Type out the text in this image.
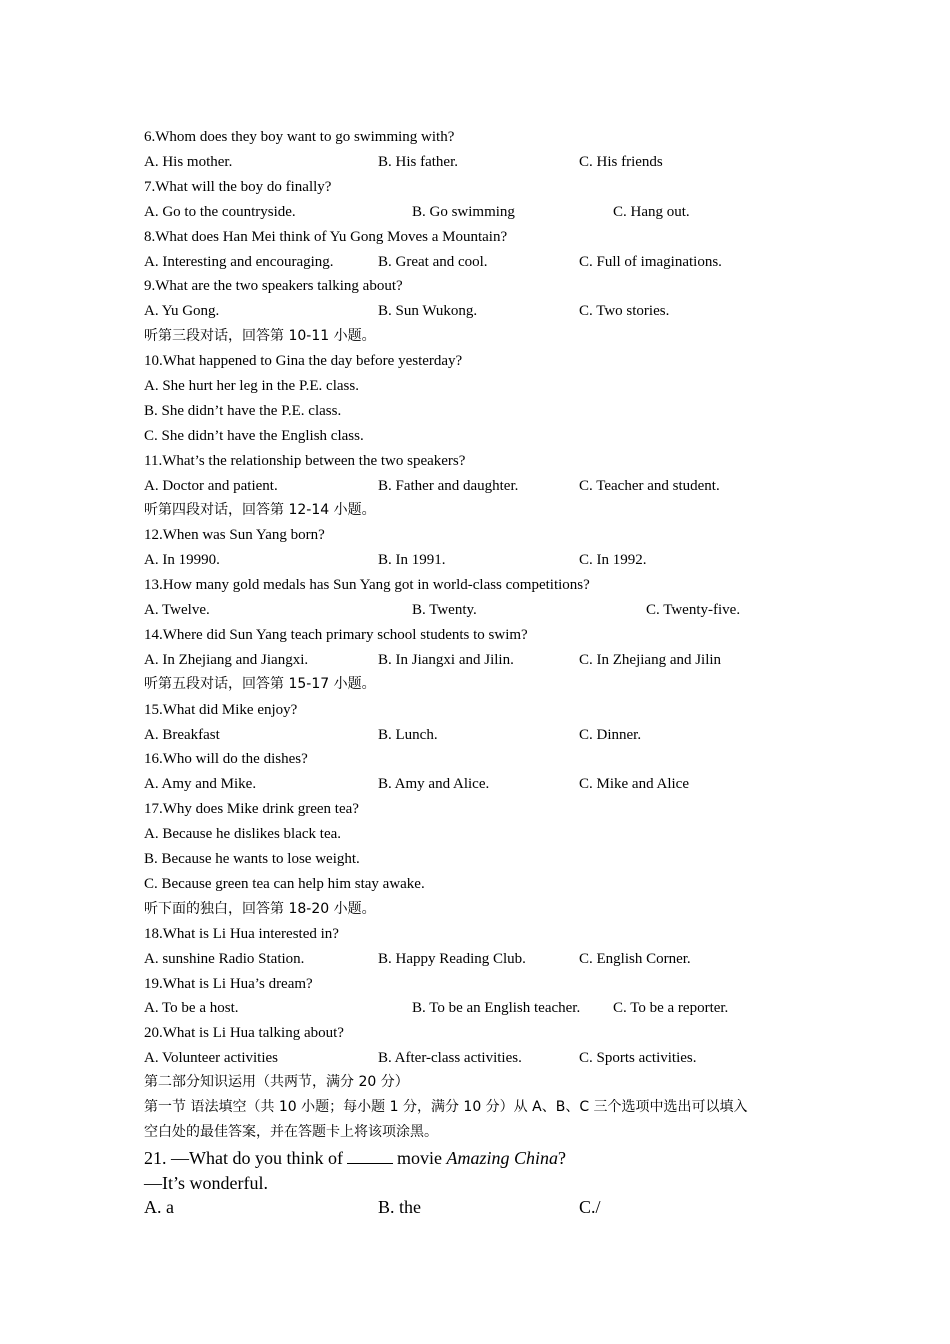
6.Whom does they boy want to go swimming with?
A. His mother.	B. His father.	C. His friends
7.What will the boy do finally?
A. Go to the countryside.	B. Go swimming	C. Hang out.
8.What does Han Mei think of Yu Gong Moves a Mountain?
A. Interesting and encouraging.	B. Great and cool.	C. Full of imaginations.
9.What are the two speakers talking about?
A. Yu Gong.	B. Sun Wukong.	C. Two stories.
听第三段对话，回答第 10-11 小题。
10.What happened to Gina the day before yesterday?
A. She hurt her leg in the P.E. class.
B. She didn’t have the P.E. class.
C. She didn’t have the English class.
11.What’s the relationship between the two speakers?
A. Doctor and patient.	B. Father and daughter.	C. Teacher and student.
听第四段对话，回答第 12-14 小题。
12.When was Sun Yang born?
A. In 19990.	B. In 1991.	C. In 1992.
13.How many gold medals has Sun Yang got in world-class competitions?
A. Twelve.	B. Twenty.	C. Twenty-five.
14.Where did Sun Yang teach primary school students to swim?
A. In Zhejiang and Jiangxi.	B. In Jiangxi and Jilin.	C. In Zhejiang and Jilin
听第五段对话，回答第 15-17 小题。
15.What did Mike enjoy?
A. Breakfast	B. Lunch.	C. Dinner.
16.Who will do the dishes?
A. Amy and Mike.	B. Amy and Alice.	C. Mike and Alice
17.Why does Mike drink green tea?
A. Because he dislikes black tea.
B. Because he wants to lose weight.
C. Because green tea can help him stay awake.
听下面的独白，回答第 18-20 小题。
18.What is Li Hua interested in?
A. sunshine Radio Station.	B. Happy Reading Club.	C. English Corner.
19.What is Li Hua’s dream?
A. To be a host.	B. To be an English teacher. C. To be a reporter.
20.What is Li Hua talking about?
A. Volunteer activities	B. After-class activities.	C. Sports activities.
第二部分知识运用（共两节，满分 20 分）
第一节 语法填空（共 10 小题；每小题 1 分，满分 10 分）从 A、B、C 三个选项中选出可以填入
空白处的最佳答案，并在答题卡上将该项涂黑。
21. —What do you think of	movie Amazing China?
—It’s wonderful.
A. a	B. the	C./
